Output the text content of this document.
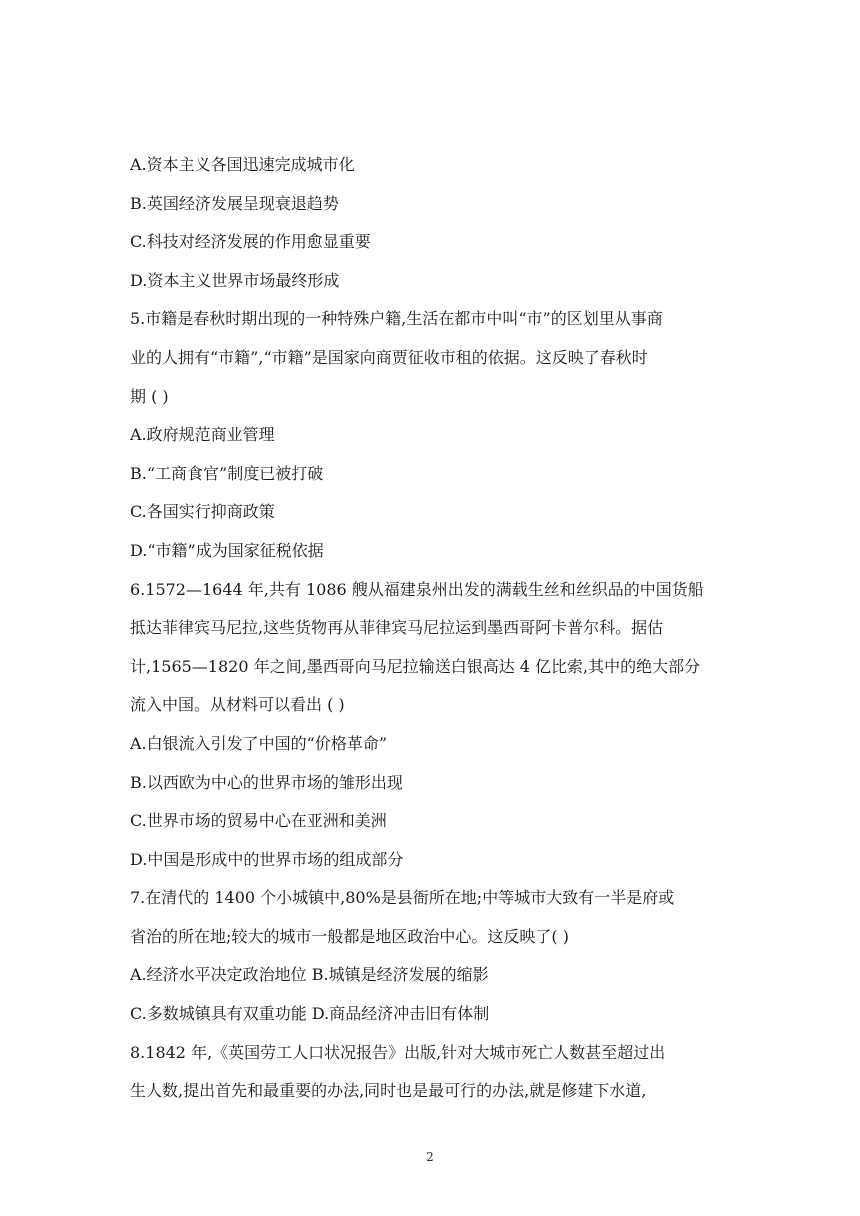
A.资本主义各国迅速完成城市化
B.英国经济发展呈现衰退趋势
C.科技对经济发展的作用愈显重要
D.资本主义世界市场最终形成
5.市籍是春秋时期出现的一种特殊户籍,生活在都市中叫“市”的区划里从事商
业的人拥有“市籍”,“市籍”是国家向商贾征收市租的依据。这反映了春秋时
期 ( )
A.政府规范商业管理
B.“工商食官”制度已被打破
C.各国实行抑商政策
D.“市籍”成为国家征税依据
6.1572—1644 年,共有 1086 艘从福建泉州出发的满载生丝和丝织品的中国货船
抵达菲律宾马尼拉,这些货物再从菲律宾马尼拉运到墨西哥阿卡普尔科。据估
计,1565—1820 年之间,墨西哥向马尼拉输送白银高达 4 亿比索,其中的绝大部分
流入中国。从材料可以看出 ( )
A.白银流入引发了中国的“价格革命”
B.以西欧为中心的世界市场的雏形出现
C.世界市场的贸易中心在亚洲和美洲
D.中国是形成中的世界市场的组成部分
7.在清代的 1400 个小城镇中,80%是县衙所在地;中等城市大致有一半是府或
省治的所在地;较大的城市一般都是地区政治中心。这反映了( )
A.经济水平决定政治地位 B.城镇是经济发展的缩影
C.多数城镇具有双重功能 D.商品经济冲击旧有体制
8.1842 年,《英国劳工人口状况报告》出版,针对大城市死亡人数甚至超过出
生人数,提出首先和最重要的办法,同时也是最可行的办法,就是修建下水道,
2
